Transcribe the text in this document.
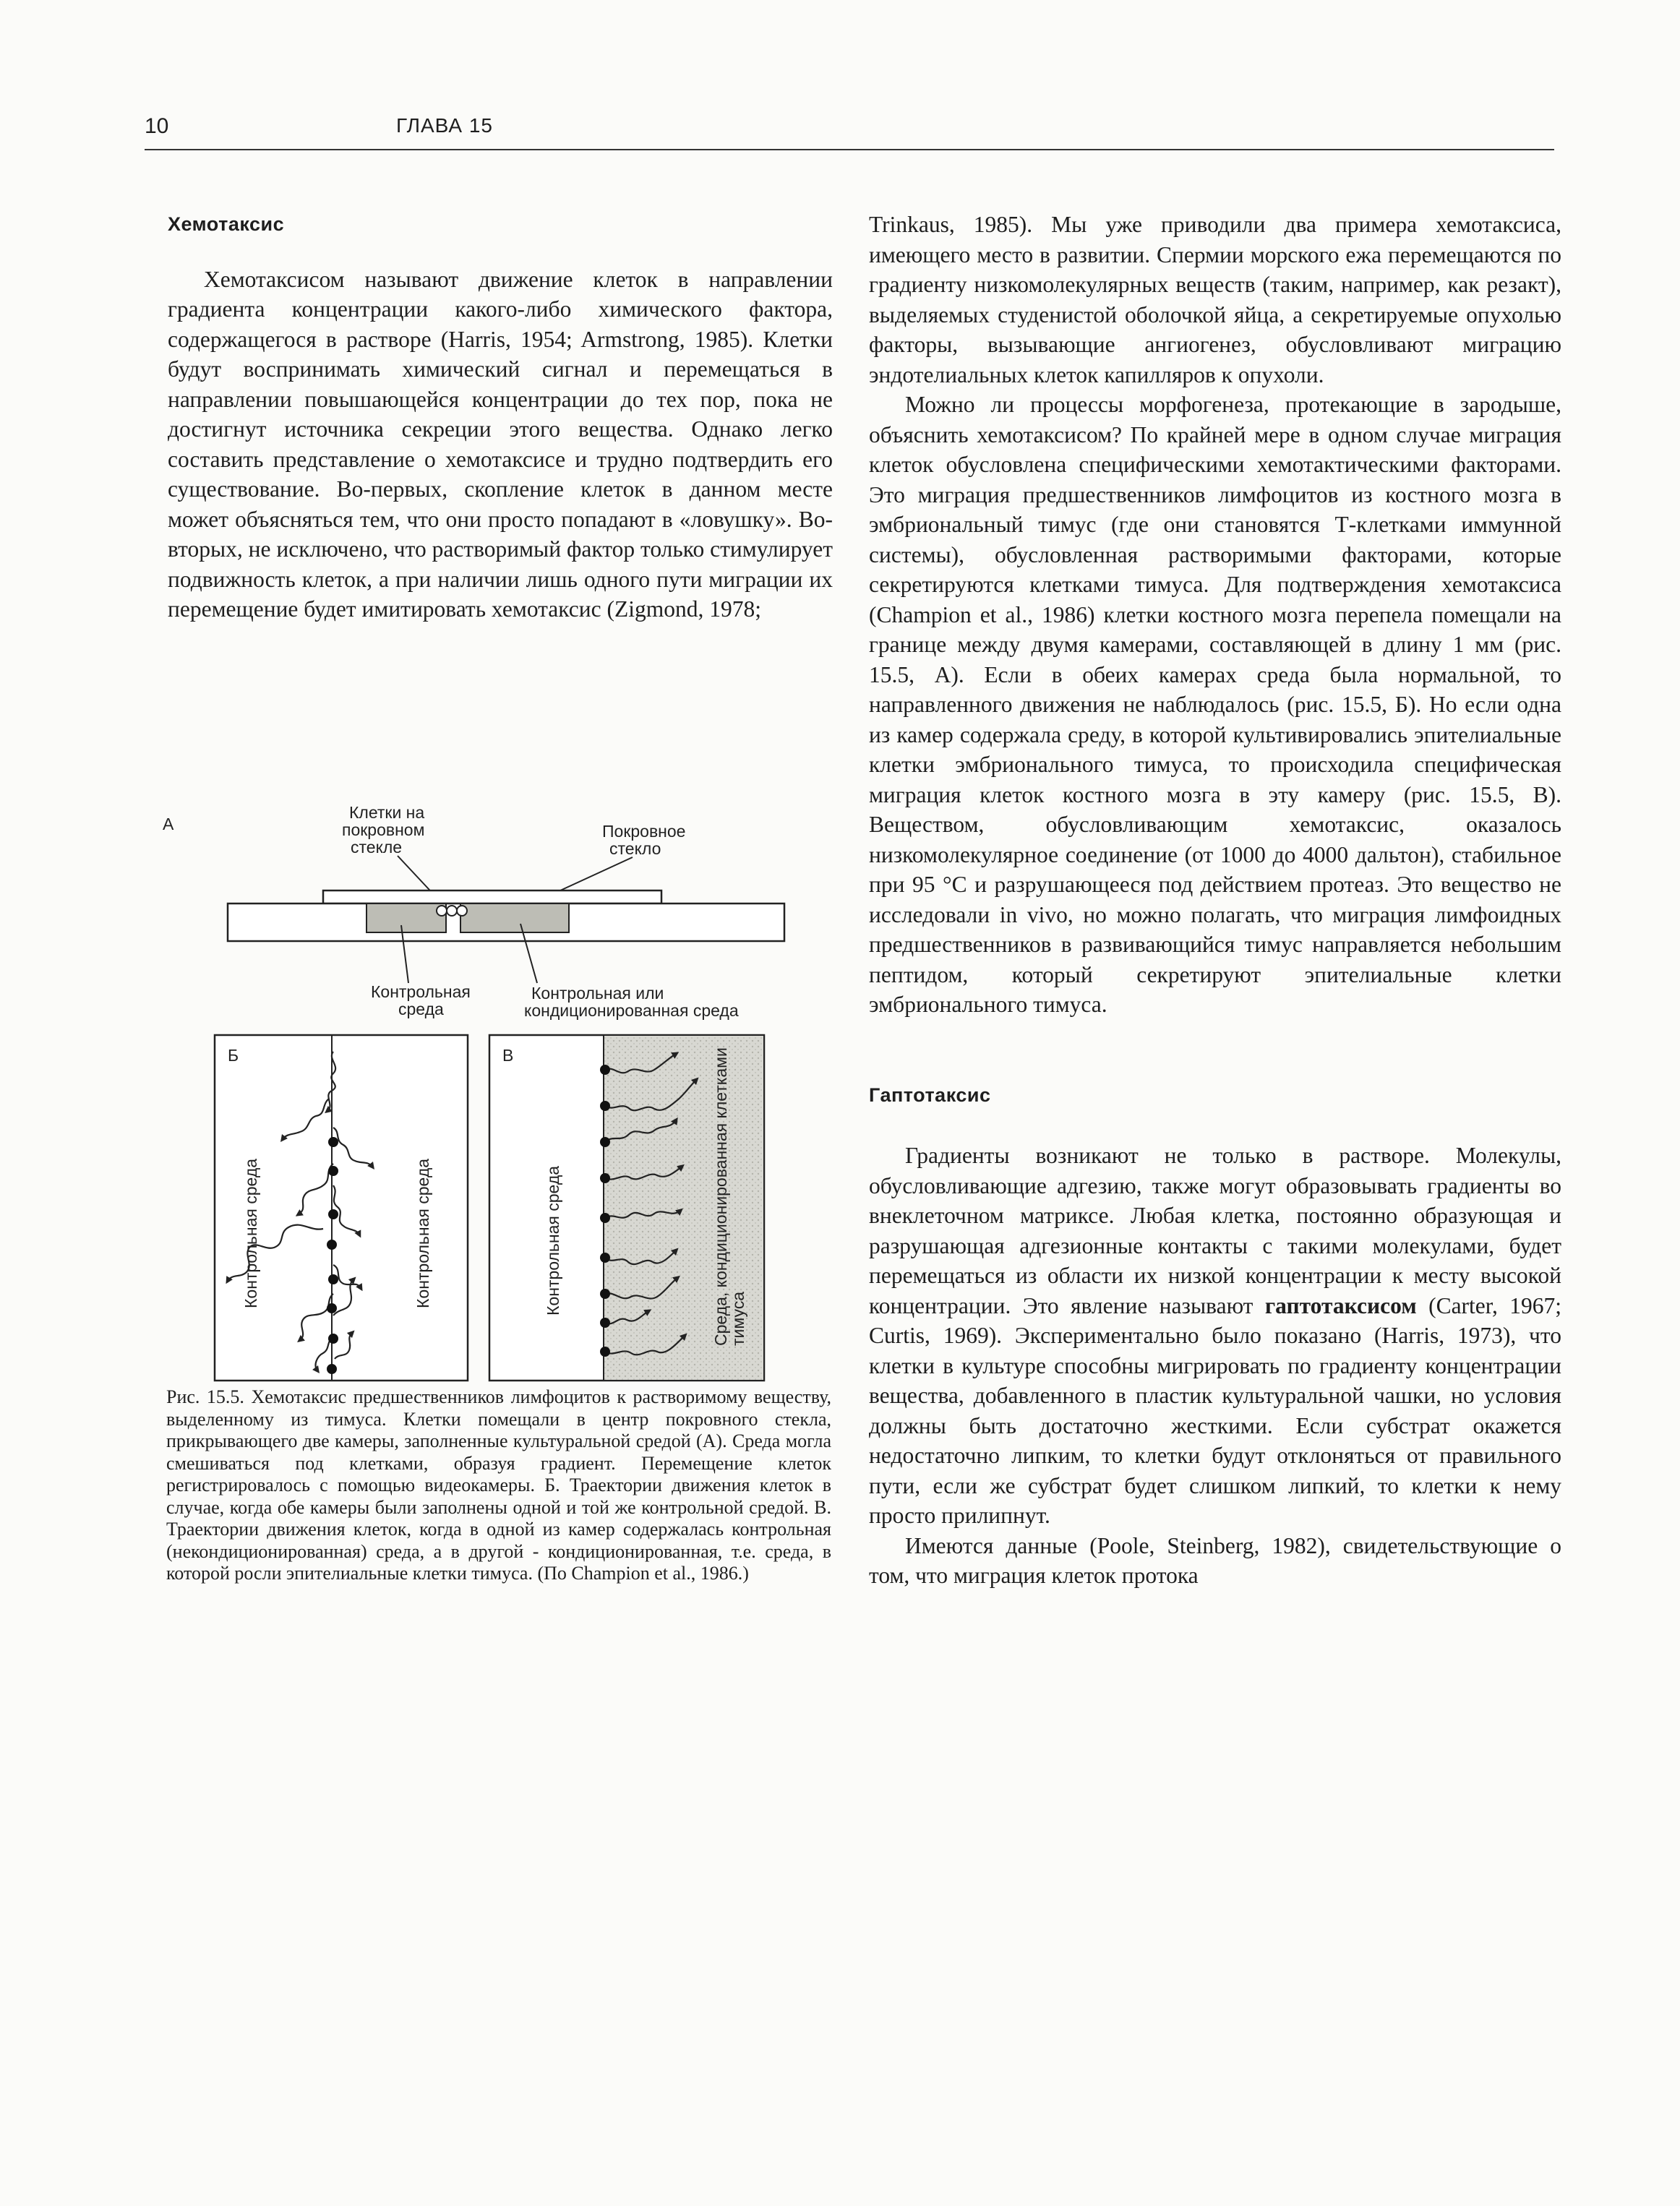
10	ГЛАВА 15
Хемотаксис

Хемотаксисом называют движение клеток в направлении градиента концентрации какого-либо химического фактора, содержащегося в растворе (Harris, 1954; Armstrong, 1985). Клетки будут воспринимать химический сигнал и перемещаться в направлении повышающейся концентрации до тех пор, пока не достигнут источника секреции этого вещества. Однако легко составить представление о хемотаксисе и трудно подтвердить его существование. Во-первых, скопление клеток в данном месте может объясняться тем, что они просто попадают в «ловушку». Во-вторых, не исключено, что растворимый фактор только стимулирует подвижность клеток, а при наличии лишь одного пути миграции их перемещение будет имитировать хемотаксис (Zigmond, 1978;

А
Клетки на
покровном
стекле
Покровное
стекло
Контрольная
среда
Контрольная или
кондиционированная среда
Б
Контрольная среда	Контрольная среда
В
Контрольная среда	Среда, кондиционированная клетками
тимуса
Рис. 15.5. Хемотаксис предшественников лимфоцитов к растворимому веществу, выделенному из тимуса. Клетки помещали в центр покровного стекла, прикрывающего две камеры, заполненные культуральной средой (А). Среда могла смешиваться под клетками, образуя градиент. Перемещение клеток регистрировалось с помощью видеокамеры. Б. Траектории движения клеток в случае, когда обе камеры были заполнены одной и той же контрольной средой. В. Траектории движения клеток, когда в одной из камер содержалась контрольная (некондиционированная) среда, а в другой - кондиционированная, т.е. среда, в которой росли эпителиальные клетки тимуса. (По Champion et al., 1986.)

Trinkaus, 1985). Мы уже приводили два примера хемотаксиса, имеющего место в развитии. Спермии морского ежа перемещаются по градиенту низкомолекулярных веществ (таким, например, как резакт), выделяемых студенистой оболочкой яйца, а секретируемые опухолью факторы, вызывающие ангиогенез, обусловливают миграцию эндотелиальных клеток капилляров к опухоли.

Можно ли процессы морфогенеза, протекающие в зародыше, объяснить хемотаксисом? По крайней мере в одном случае миграция клеток обусловлена специфическими хемотактическими факторами. Это миграция предшественников лимфоцитов из костного мозга в эмбриональный тимус (где они становятся Т-клетками иммунной системы), обусловленная растворимыми факторами, которые секретируются клетками тимуса. Для подтверждения хемотаксиса (Champion et al., 1986) клетки костного мозга перепела помещали на границе между двумя камерами, составляющей в длину 1 мм (рис. 15.5, А). Если в обеих камерах среда была нормальной, то направленного движения не наблюдалось (рис. 15.5, Б). Но если одна из камер содержала среду, в которой культивировались эпителиальные клетки эмбрионального тимуса, то происходила специфическая миграция клеток костного мозга в эту камеру (рис. 15.5, В). Веществом, обусловливающим хемотаксис, оказалось низкомолекулярное соединение (от 1000 до 4000 дальтон), стабильное при 95 °С и разрушающееся под действием протеаз. Это вещество не исследовали in vivo, но можно полагать, что миграция лимфоидных предшественников в развивающийся тимус направляется небольшим пептидом, который секретируют эпителиальные клетки эмбрионального тимуса.

Гаптотаксис

Градиенты возникают не только в растворе. Молекулы, обусловливающие адгезию, также могут образовывать градиенты во внеклеточном матриксе. Любая клетка, постоянно образующая и разрушающая адгезионные контакты с такими молекулами, будет перемещаться из области их низкой концентрации к месту высокой концентрации. Это явление называют гаптотаксисом (Carter, 1967; Curtis, 1969). Экспериментально было показано (Harris, 1973), что клетки в культуре способны мигрировать по градиенту концентрации вещества, добавленного в пластик культуральной чашки, но условия должны быть достаточно жесткими. Если субстрат окажется недостаточно липким, то клетки будут отклоняться от правильного пути, если же субстрат будет слишком липкий, то клетки к нему просто прилипнут.

Имеются данные (Poole, Steinberg, 1982), свидетельствующие о том, что миграция клеток протока
